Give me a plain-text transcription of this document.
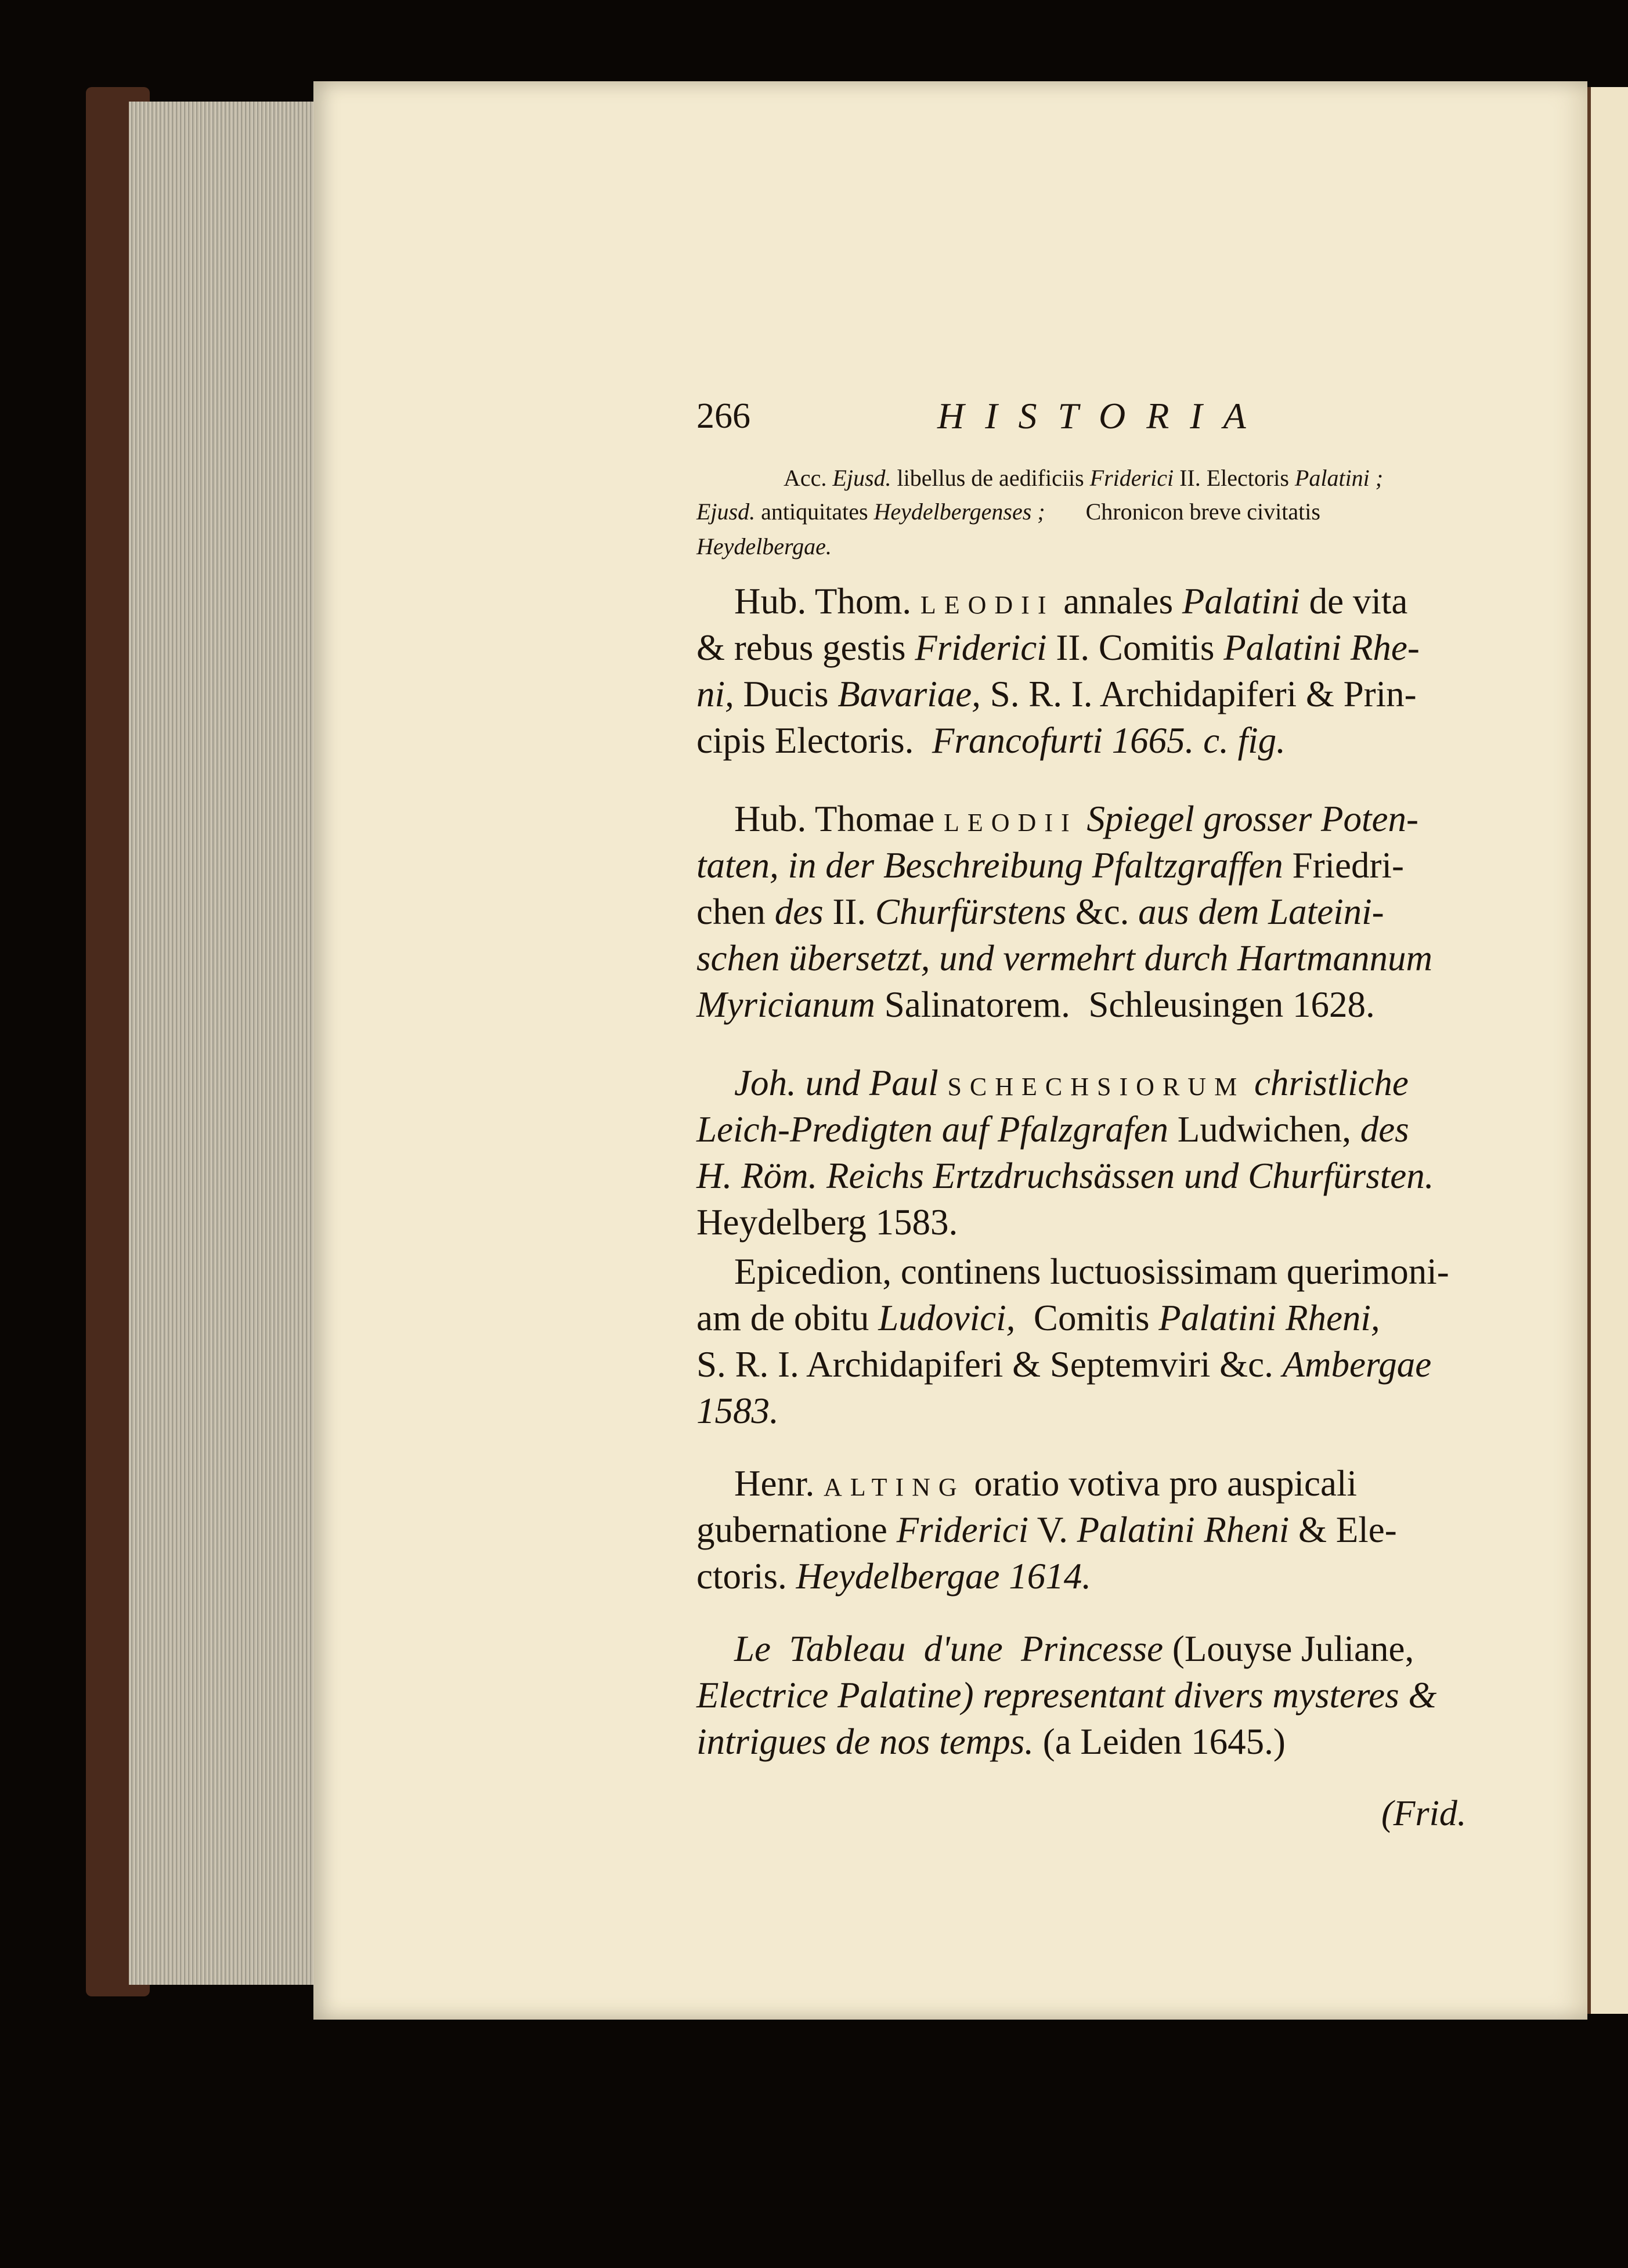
266	HISTORIA
Acc. Ejusd. libellus de aedificiis Friderici II. Electoris Palatini ;
Ejusd. antiquitates Heydelbergenses ;       Chronicon breve civitatis
Heydelbergae.
Hub. Thom. LEODII annales Palatini de vita
& rebus gestis Friderici II. Comitis Palatini Rhe-
ni, Ducis Bavariae, S. R. I. Archidapiferi & Prin-
cipis Electoris.  Francofurti 1665. c. fig.
Hub. Thomae LEODII Spiegel grosser Poten-
taten, in der Beschreibung Pfaltzgraffen Friedri-
chen des II. Churfürstens &c. aus dem Lateini-
schen übersetzt, und vermehrt durch Hartmannum
Myricianum Salinatorem.  Schleusingen 1628.
Joh. und Paul SCHECHSIORUM christliche
Leich-Predigten auf Pfalzgrafen Ludwichen, des
H. Röm. Reichs Ertzdruchsässen und Churfürsten.
Heydelberg 1583.
Epicedion, continens luctuosissimam querimoni-
am de obitu Ludovici,  Comitis Palatini Rheni,
S. R. I. Archidapiferi & Septemviri &c. Ambergae
1583.
Henr. ALTING oratio votiva pro auspicali
gubernatione Friderici V. Palatini Rheni & Ele-
ctoris. Heydelbergae 1614.
Le  Tableau  d'une  Princesse (Louyse Juliane,
Electrice Palatine) representant divers mysteres &
intrigues de nos temps. (a Leiden 1645.)
(Frid.
